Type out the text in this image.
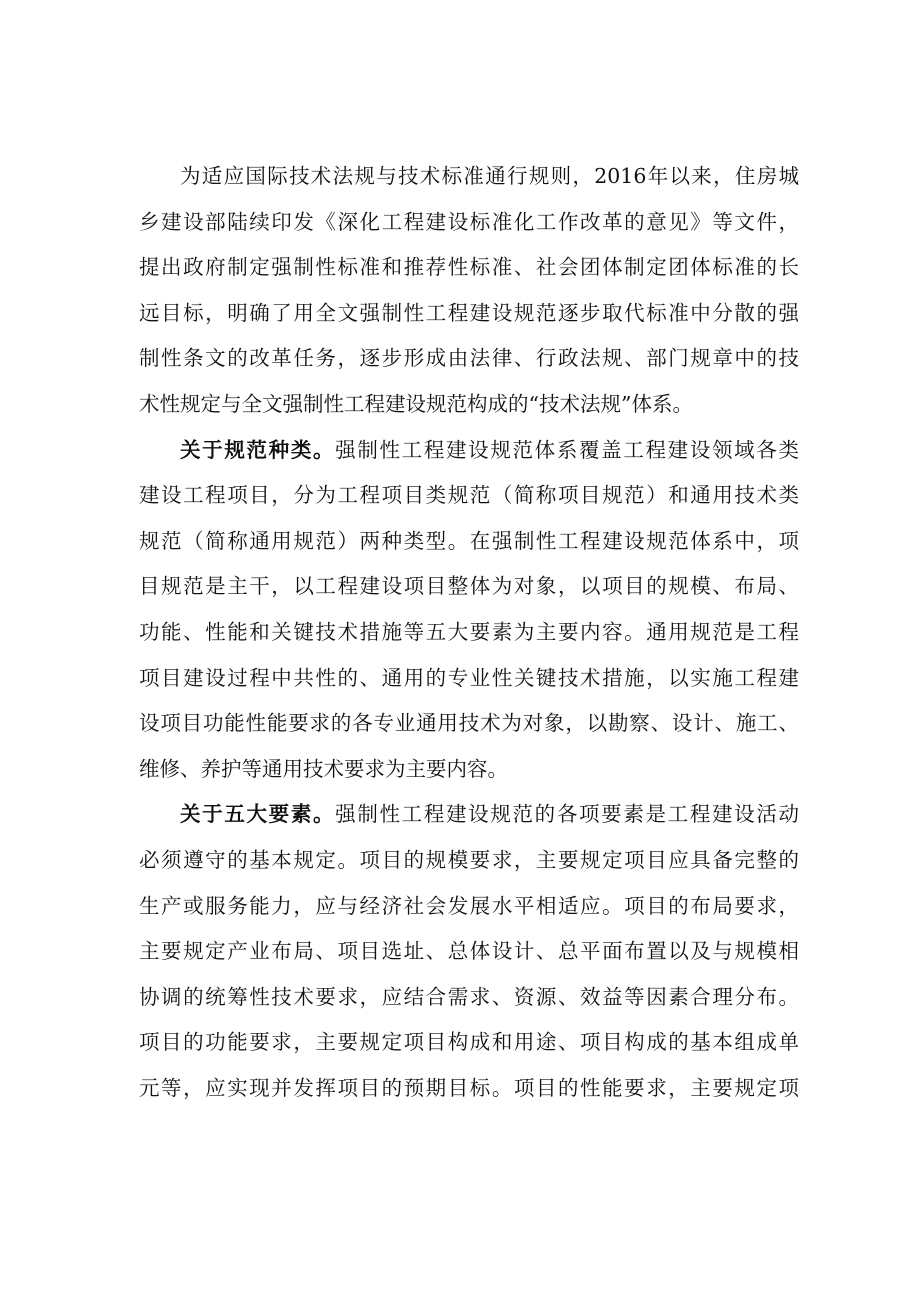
为适应国际技术法规与技术标准通行规则，2016年以来，住房城
乡建设部陆续印发《深化工程建设标准化工作改革的意见》等文件，
提出政府制定强制性标准和推荐性标准、社会团体制定团体标准的长
远目标，明确了用全文强制性工程建设规范逐步取代标准中分散的强
制性条文的改革任务，逐步形成由法律、行政法规、部门规章中的技
术性规定与全文强制性工程建设规范构成的“技术法规”体系。
关于规范种类。强制性工程建设规范体系覆盖工程建设领域各类
建设工程项目，分为工程项目类规范（简称项目规范）和通用技术类
规范（简称通用规范）两种类型。在强制性工程建设规范体系中，项
目规范是主干，以工程建设项目整体为对象，以项目的规模、布局、
功能、性能和关键技术措施等五大要素为主要内容。通用规范是工程
项目建设过程中共性的、通用的专业性关键技术措施，以实施工程建
设项目功能性能要求的各专业通用技术为对象，以勘察、设计、施工、
维修、养护等通用技术要求为主要内容。
关于五大要素。强制性工程建设规范的各项要素是工程建设活动
必须遵守的基本规定。项目的规模要求，主要规定项目应具备完整的
生产或服务能力，应与经济社会发展水平相适应。项目的布局要求，
主要规定产业布局、项目选址、总体设计、总平面布置以及与规模相
协调的统筹性技术要求，应结合需求、资源、效益等因素合理分布。
项目的功能要求，主要规定项目构成和用途、项目构成的基本组成单
元等，应实现并发挥项目的预期目标。项目的性能要求，主要规定项
